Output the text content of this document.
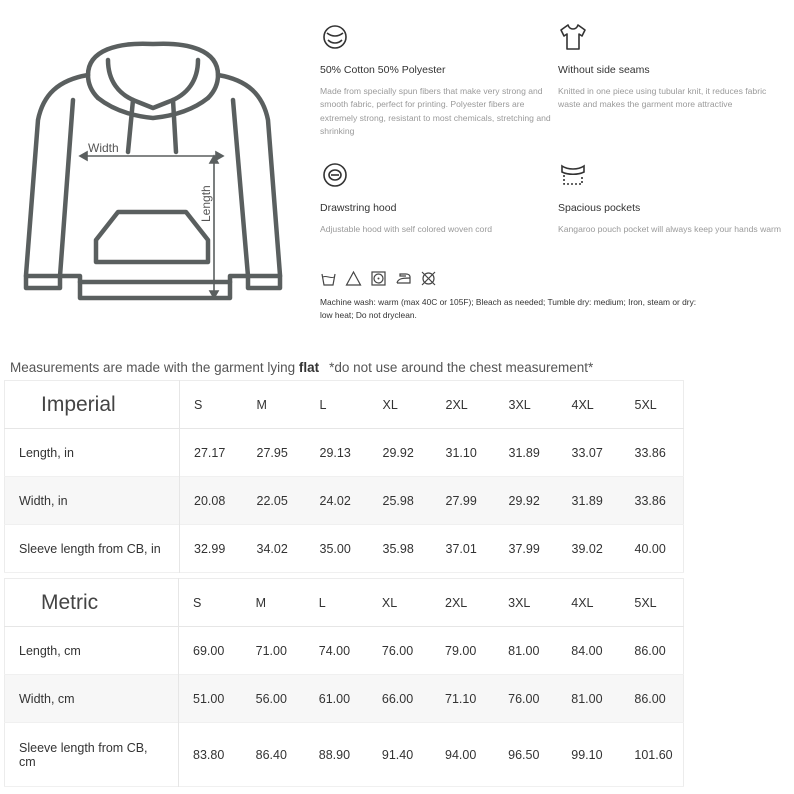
Width
Length
50% Cotton 50% Polyester
Made from specially spun fibers that make very strong and smooth fabric, perfect for printing. Polyester fibers are extremely strong, resistant to most chemicals, stretching and shrinking
Without side seams
Knitted in one piece using tubular knit, it reduces fabric waste and makes the garment more attractive
Drawstring hood
Adjustable hood with self colored woven cord
Spacious pockets
Kangaroo pouch pocket will always keep your hands warm
Machine wash: warm (max 40C or 105F); Bleach as needed; Tumble dry: medium; Iron, steam or dry: low heat; Do not dryclean.
Measurements are made with the garment lying flat *do not use around the chest measurement*
Imperial	S	M	L	XL	2XL	3XL	4XL	5XL
Length, in	27.17	27.95	29.13	29.92	31.10	31.89	33.07	33.86
Width, in	20.08	22.05	24.02	25.98	27.99	29.92	31.89	33.86
Sleeve length from CB, in	32.99	34.02	35.00	35.98	37.01	37.99	39.02	40.00
Metric	S	M	L	XL	2XL	3XL	4XL	5XL
Length, cm	69.00	71.00	74.00	76.00	79.00	81.00	84.00	86.00
Width, cm	51.00	56.00	61.00	66.00	71.10	76.00	81.00	86.00
Sleeve length from CB, cm	83.80	86.40	88.90	91.40	94.00	96.50	99.10	101.60
